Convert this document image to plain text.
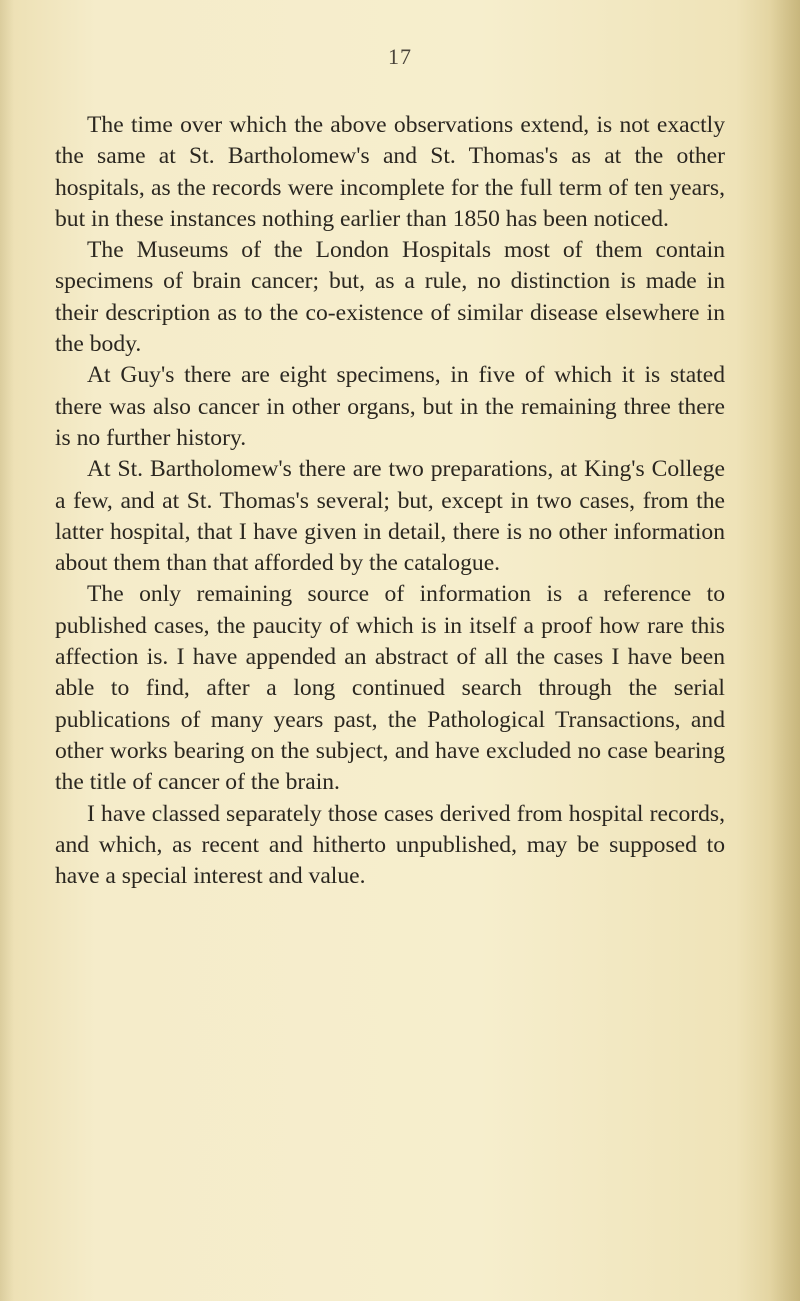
17

The time over which the above observations extend, is not exactly the same at St. Bartholomew's and St. Thomas's as at the other hospitals, as the records were incomplete for the full term of ten years, but in these instances nothing earlier than 1850 has been noticed.

The Museums of the London Hospitals most of them contain specimens of brain cancer; but, as a rule, no distinction is made in their description as to the co-existence of similar disease elsewhere in the body.

At Guy's there are eight specimens, in five of which it is stated there was also cancer in other organs, but in the remaining three there is no further history.

At St. Bartholomew's there are two preparations, at King's College a few, and at St. Thomas's several; but, except in two cases, from the latter hospital, that I have given in detail, there is no other information about them than that afforded by the catalogue.

The only remaining source of information is a reference to published cases, the paucity of which is in itself a proof how rare this affection is. I have appended an abstract of all the cases I have been able to find, after a long continued search through the serial publications of many years past, the Pathological Transactions, and other works bearing on the subject, and have excluded no case bearing the title of cancer of the brain.

I have classed separately those cases derived from hospital records, and which, as recent and hitherto unpublished, may be supposed to have a special interest and value.
